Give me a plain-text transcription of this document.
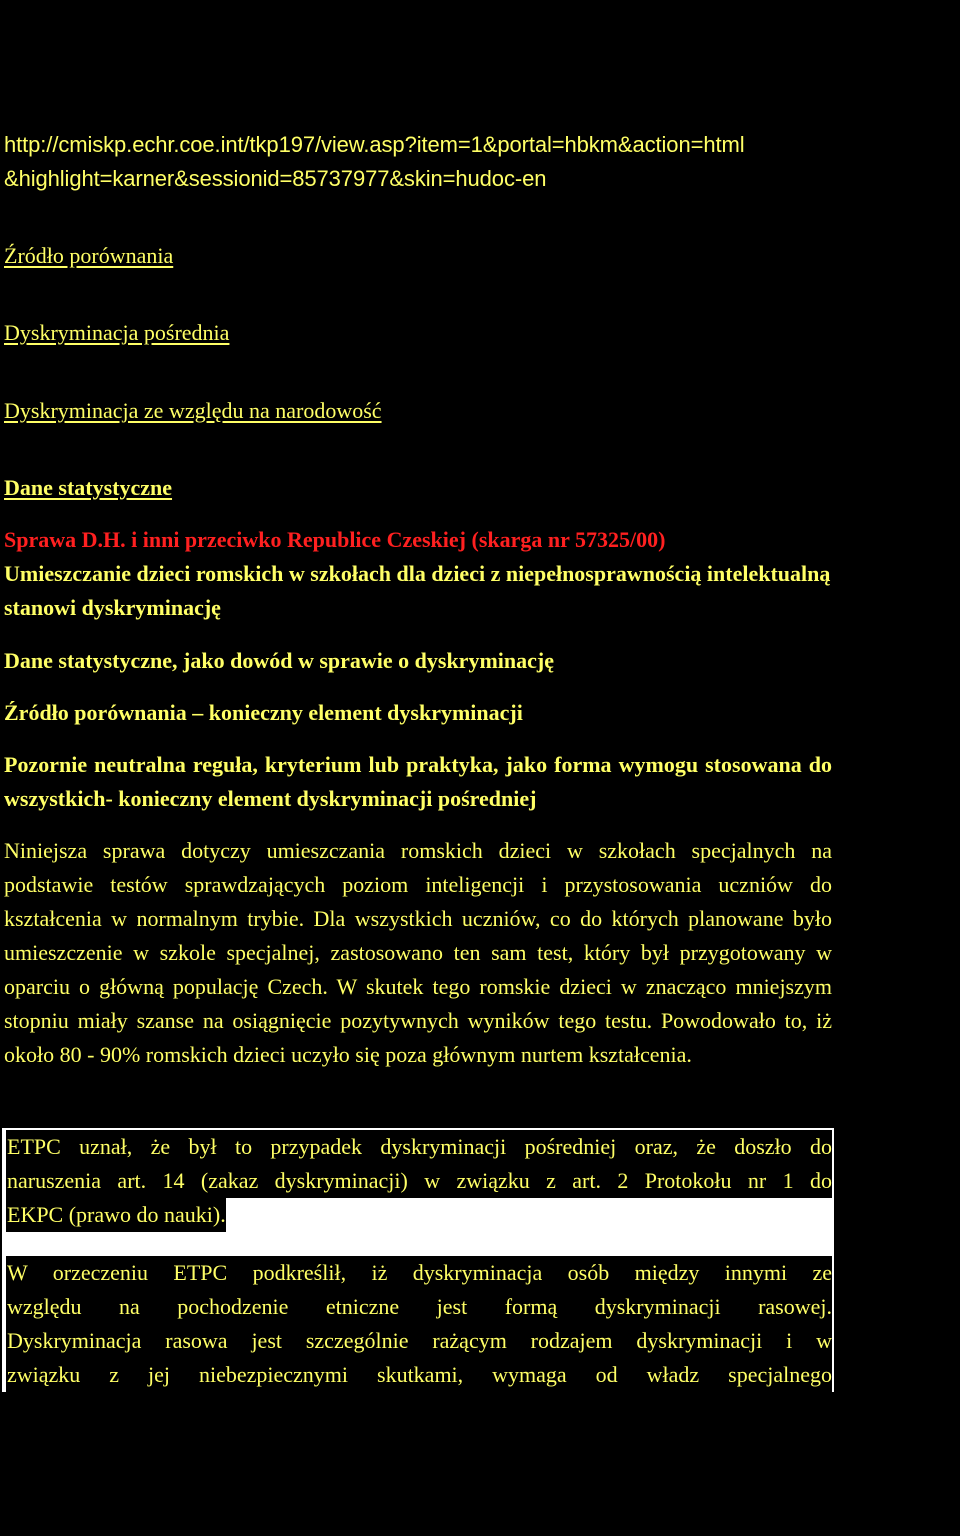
http://cmiskp.echr.coe.int/tkp197/view.asp?item=1&portal=hbkm&action=html
&highlight=karner&sessionid=85737977&skin=hudoc-en
Źródło porównania
Dyskryminacja pośrednia
Dyskryminacja ze względu na narodowość
Dane statystyczne
Sprawa D.H. i inni przeciwko Republice Czeskiej (skarga nr 57325/00)
Umieszczanie dzieci romskich w szkołach dla dzieci z niepełnosprawnością intelektualną stanowi dyskryminację
Dane statystyczne, jako dowód w sprawie o dyskryminację
Źródło porównania – konieczny element dyskryminacji
Pozornie neutralna reguła, kryterium lub praktyka, jako forma wymogu stosowana do wszystkich- konieczny element dyskryminacji pośredniej
Niniejsza sprawa dotyczy umieszczania romskich dzieci w szkołach specjalnych na podstawie testów sprawdzających poziom inteligencji i przystosowania uczniów do kształcenia w normalnym trybie. Dla wszystkich uczniów, co do których planowane było umieszczenie w szkole specjalnej, zastosowano ten sam test, który był przygotowany w oparciu o główną populację Czech. W skutek tego romskie dzieci w znacząco mniejszym stopniu miały szanse na osiągnięcie pozytywnych wyników tego testu. Powodowało to, iż około 80 - 90% romskich dzieci uczyło się poza głównym nurtem kształcenia.
ETPC uznał, że był to przypadek dyskryminacji pośredniej oraz, że doszło do
naruszenia art. 14 (zakaz dyskryminacji) w związku z art. 2 Protokołu nr 1 do
EKPC (prawo do nauki).
W orzeczeniu ETPC podkreślił, iż dyskryminacja osób między innymi ze
względu na pochodzenie etniczne jest formą dyskryminacji rasowej.
Dyskryminacja rasowa jest szczególnie rażącym rodzajem dyskryminacji i w
związku z jej niebezpiecznymi skutkami, wymaga od władz specjalnego
